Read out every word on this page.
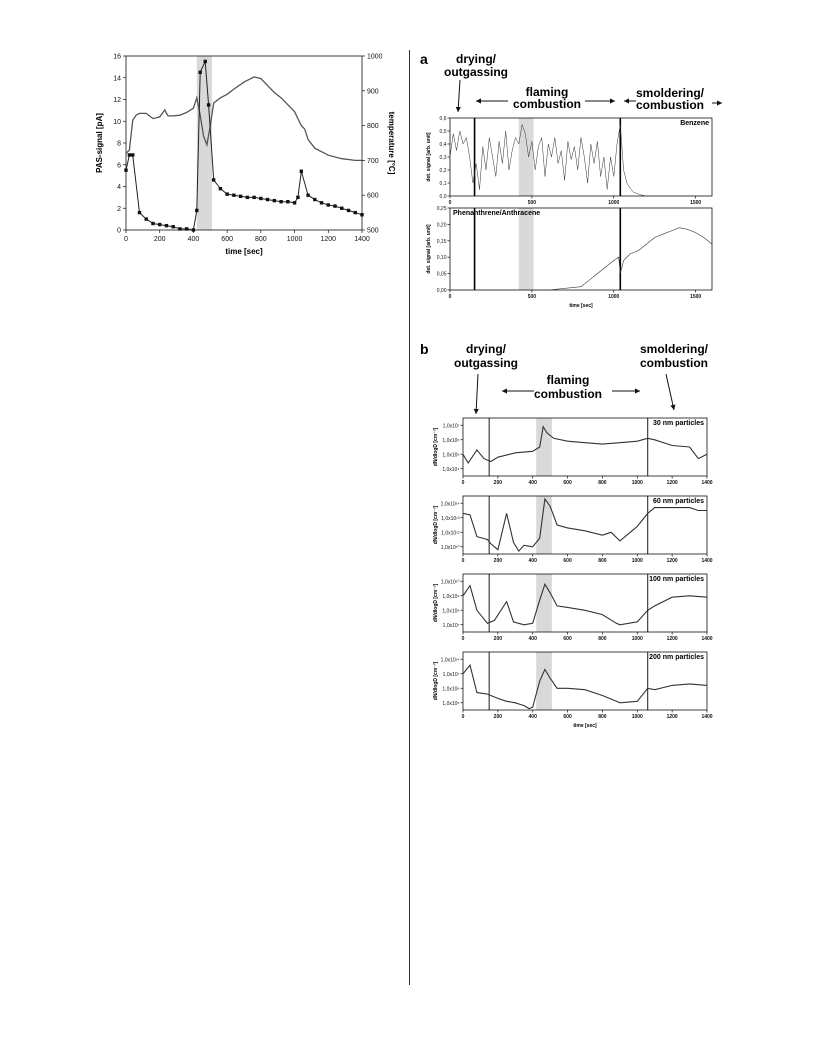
0	200	400	600	800	1000	1200	1400
0
2
4
6
8
10
12
14
16
500
600
700
800
900
1000
PAS-signal [pA]	temperature [°C]
time [sec]
a drying/
outgassing
flaming
combustion
smoldering/
combustion
0	500	1000	1500
0,0
0,1
0,2
0,3
0,4
0,5
0,6
Benzene
det. signal [arb. unit]
0	500	1000	1500
0,00
0,05
0,10
0,15
0,20
0,25
Phenanthrene/Anthracene
det. signal [arb. unit]
time [sec]
b	drying/
outgassing
flaming
combustion
smoldering/
combustion
0	200	400	600	800	1000	1200	1400
1,0x10⁴
1,0x10⁵
1,0x10⁶
1,0x10⁷	30 nm particles
dN/dlogD [cm⁻³]
0	200	400	600	800	1000	1200	1400
1,0x10¹⁰
1,0x10¹²
1,0x10¹³
1,0x10¹⁴	60 nm particles
dN/dlogD [cm⁻³]
0	200	400	600	800	1000	1200	1400
1,0x10⁷
1,0x10⁸
1,0x10⁹
1,0x10¹⁰	100 nm particles
dN/dlogD [cm⁻³]
0	200	400	600	800	1000	1200	1400
1,0x10⁵
1,0x10⁶
1,0x10⁷
1,0x10¹⁴	200 nm particles
dN/dlogD [cm⁻³]
time [sec]
